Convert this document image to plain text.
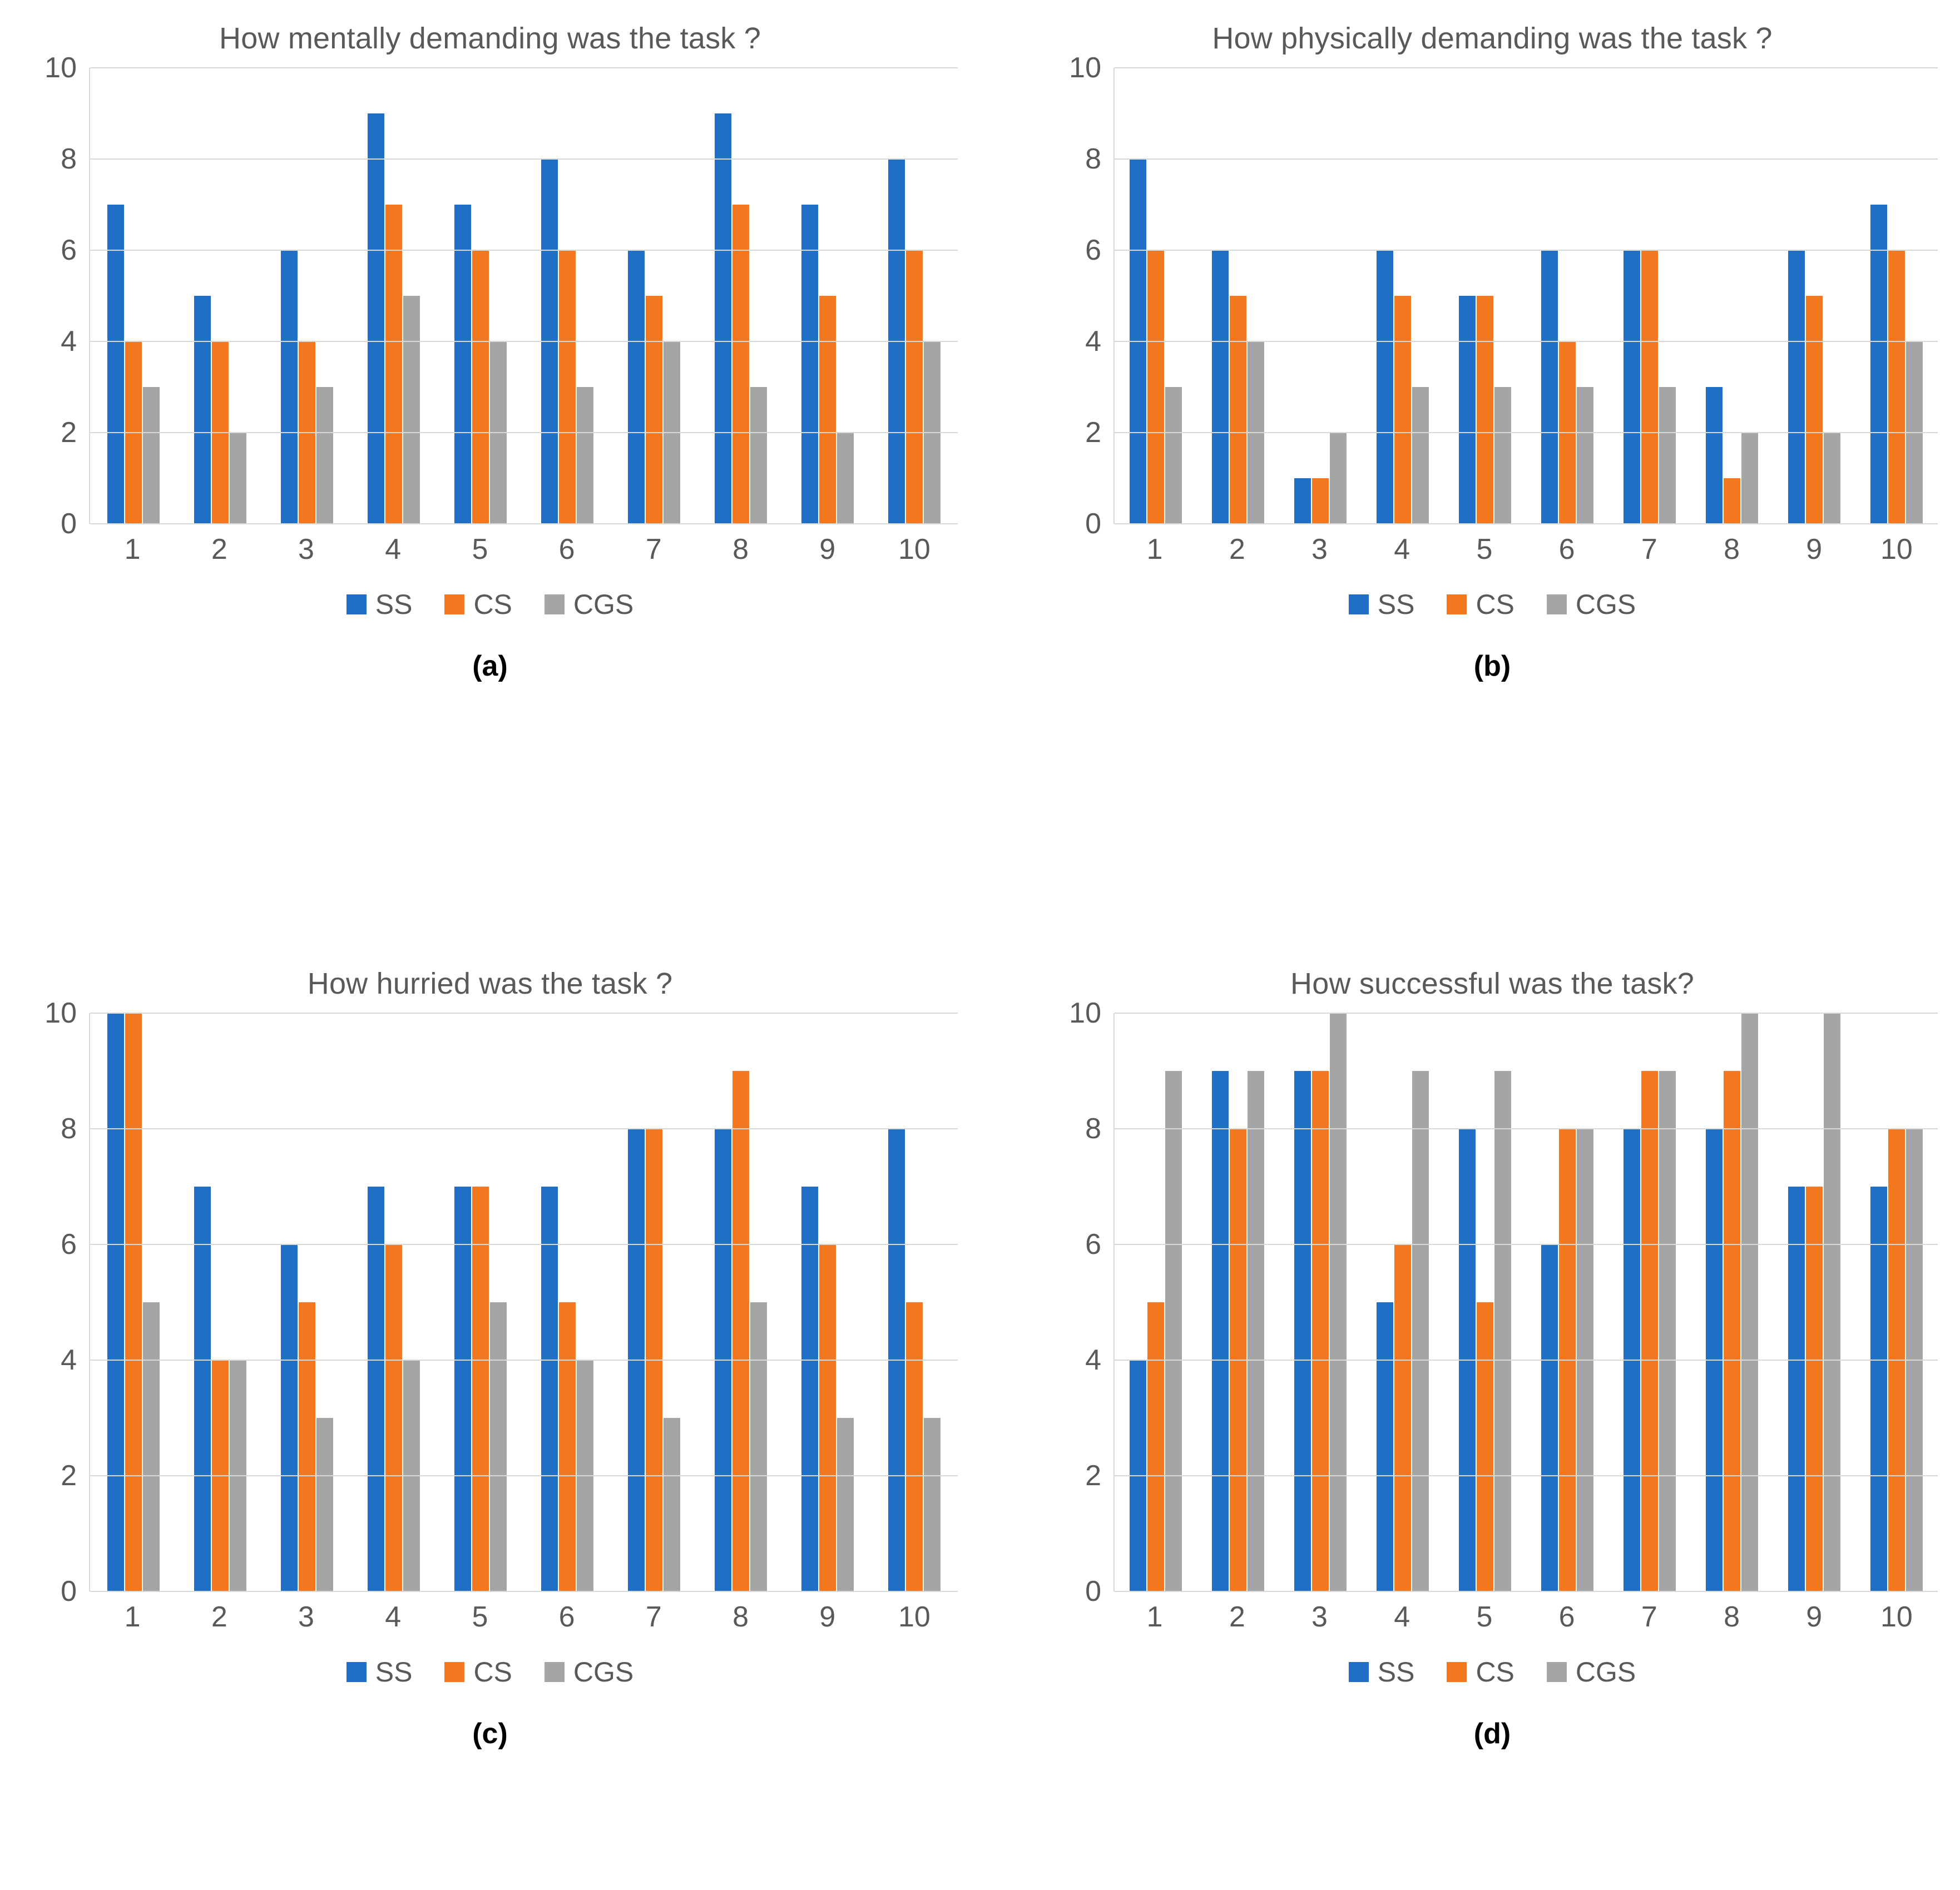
How mentally demanding was the task ?
0
2
4
6
8
10
1	2	3	4	5	6	7	8	9	10
SS CS CGS
(a)
How physically demanding was the task ?
0
2
4
6
8
10
1	2	3	4	5	6	7	8	9	10
SS CS CGS
(b)
How hurried was the task ?
0
2
4
6
8
10
1	2	3	4	5	6	7	8	9	10
SS CS CGS
(c)
How successful was the task?
0
2
4
6
8
10
1	2	3	4	5	6	7	8	9	10
SS CS CGS
(d)
